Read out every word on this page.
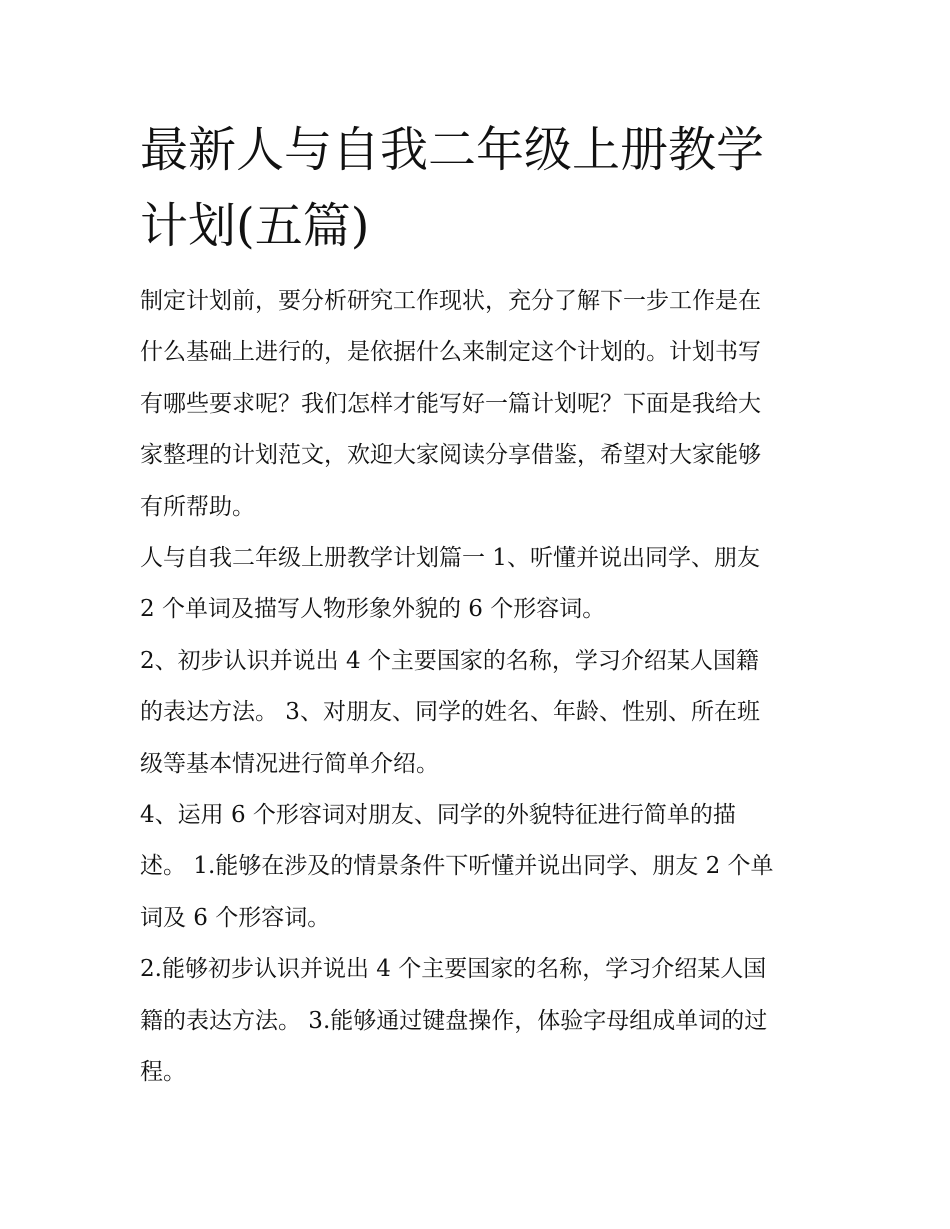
最新人与自我二年级上册教学
计划(五篇)

制定计划前，要分析研究工作现状，充分了解下一步工作是在
什么基础上进行的，是依据什么来制定这个计划的。计划书写
有哪些要求呢？我们怎样才能写好一篇计划呢？下面是我给大
家整理的计划范文，欢迎大家阅读分享借鉴，希望对大家能够
有所帮助。

人与自我二年级上册教学计划篇一 1、听懂并说出同学、朋友
2 个单词及描写人物形象外貌的 6 个形容词。

2、初步认识并说出 4 个主要国家的名称，学习介绍某人国籍
的表达方法。 3、对朋友、同学的姓名、年龄、性别、所在班
级等基本情况进行简单介绍。

4、运用 6 个形容词对朋友、同学的外貌特征进行简单的描
述。 1.能够在涉及的情景条件下听懂并说出同学、朋友 2 个单
词及 6 个形容词。

2.能够初步认识并说出 4 个主要国家的名称，学习介绍某人国
籍的表达方法。 3.能够通过键盘操作，体验字母组成单词的过
程。
